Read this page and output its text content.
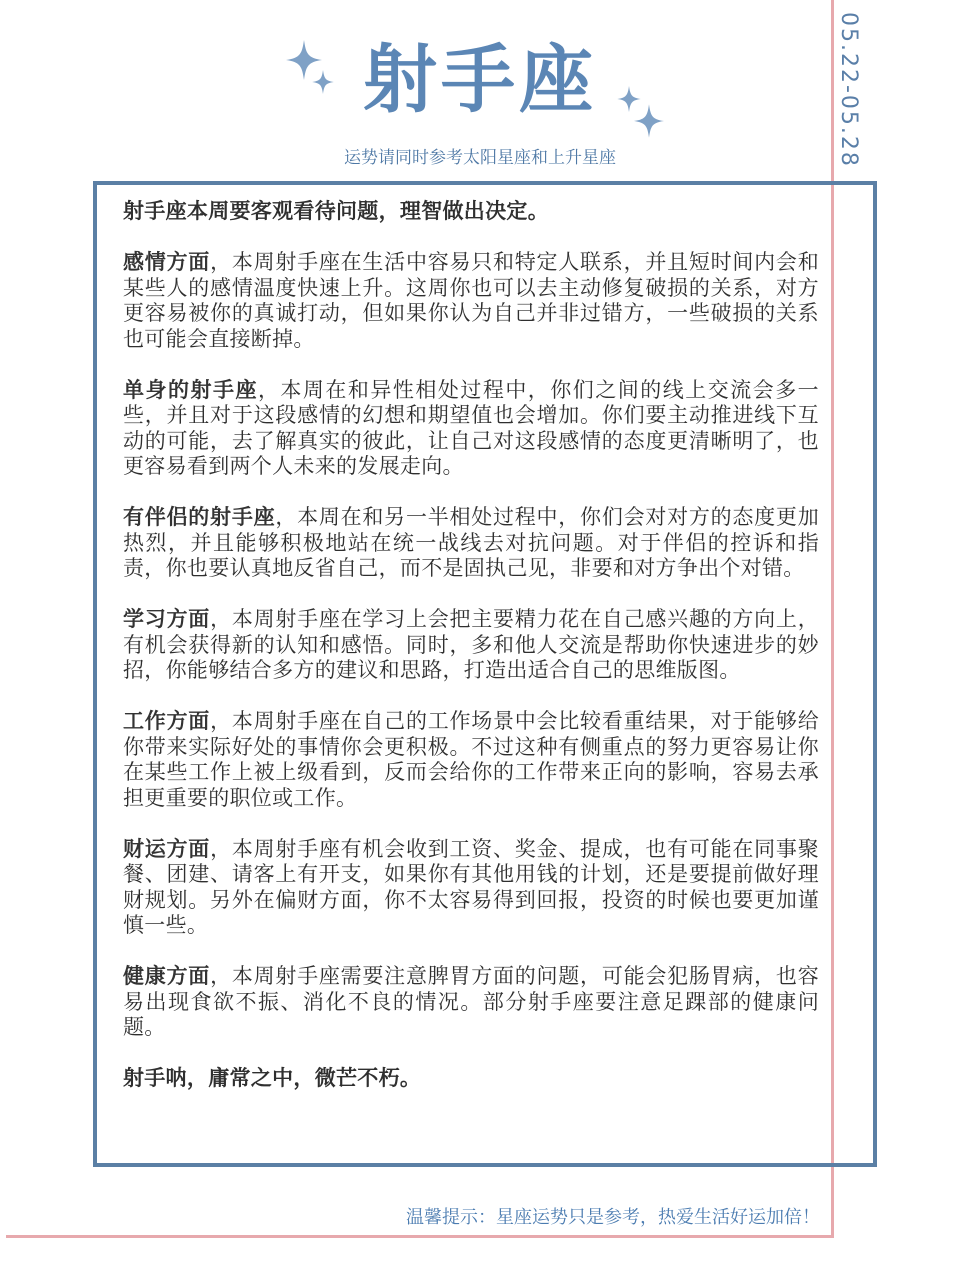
05.22-05.28
射手座
运势请同时参考太阳星座和上升星座

射手座本周要客观看待问题，理智做出决定。

感情方面，本周射手座在生活中容易只和特定人联系，并且短时间内会和某些人的感情温度快速上升。这周你也可以去主动修复破损的关系，对方更容易被你的真诚打动，但如果你认为自己并非过错方，一些破损的关系也可能会直接断掉。

单身的射手座，本周在和异性相处过程中，你们之间的线上交流会多一些，并且对于这段感情的幻想和期望值也会增加。你们要主动推进线下互动的可能，去了解真实的彼此，让自己对这段感情的态度更清晰明了，也更容易看到两个人未来的发展走向。

有伴侣的射手座，本周在和另一半相处过程中，你们会对对方的态度更加热烈，并且能够积极地站在统一战线去对抗问题。对于伴侣的控诉和指责，你也要认真地反省自己，而不是固执己见，非要和对方争出个对错。

学习方面，本周射手座在学习上会把主要精力花在自己感兴趣的方向上，有机会获得新的认知和感悟。同时，多和他人交流是帮助你快速进步的妙招，你能够结合多方的建议和思路，打造出适合自己的思维版图。

工作方面，本周射手座在自己的工作场景中会比较看重结果，对于能够给你带来实际好处的事情你会更积极。不过这种有侧重点的努力更容易让你在某些工作上被上级看到，反而会给你的工作带来正向的影响，容易去承担更重要的职位或工作。

财运方面，本周射手座有机会收到工资、奖金、提成，也有可能在同事聚餐、团建、请客上有开支，如果你有其他用钱的计划，还是要提前做好理财规划。另外在偏财方面，你不太容易得到回报，投资的时候也要更加谨慎一些。

健康方面，本周射手座需要注意脾胃方面的问题，可能会犯肠胃病，也容易出现食欲不振、消化不良的情况。部分射手座要注意足踝部的健康问题。

射手呐，庸常之中，微芒不朽。

温馨提示：星座运势只是参考，热爱生活好运加倍！
